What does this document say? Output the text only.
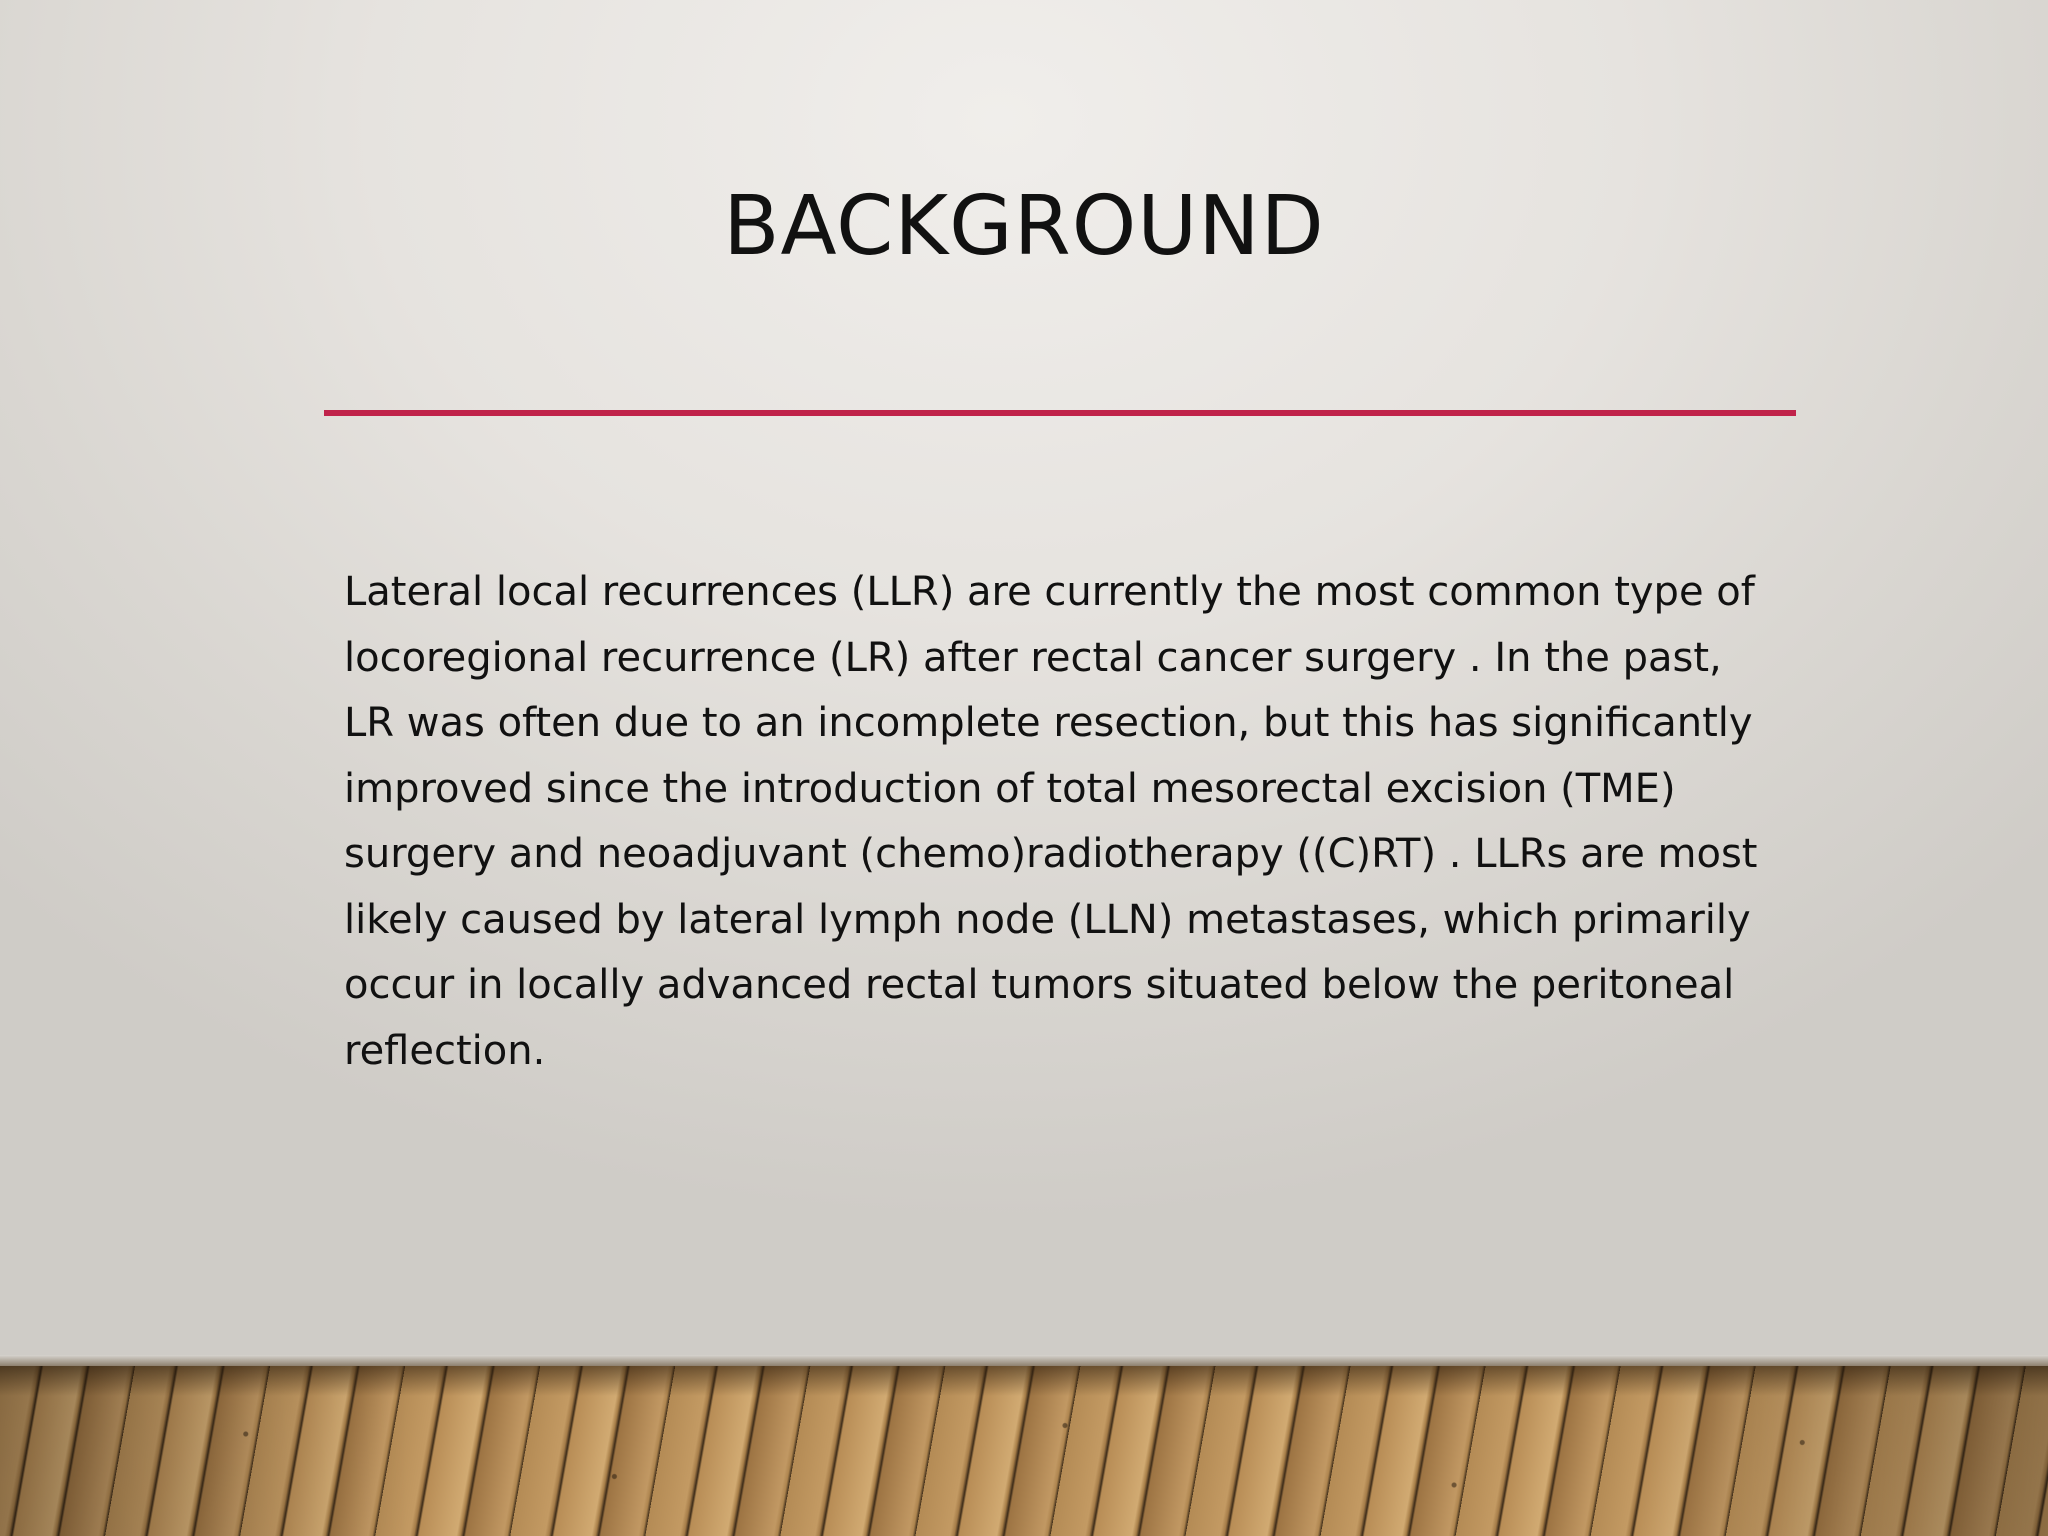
BACKGROUND

Lateral local recurrences (LLR) are currently the most common type of locoregional recurrence (LR) after rectal cancer surgery . In the past, LR was often due to an incomplete resection, but this has significantly improved since the introduction of total mesorectal excision (TME) surgery and neoadjuvant (chemo)radiotherapy ((C)RT) . LLRs are most likely caused by lateral lymph node (LLN) metastases, which primarily occur in locally advanced rectal tumors situated below the peritoneal reflection.
